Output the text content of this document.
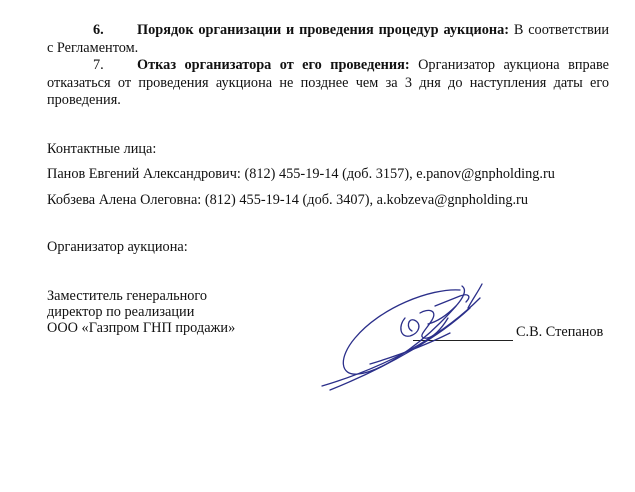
6. Порядок организации и проведения процедур аукциона: В соответствии с Регламентом.
7. Отказ организатора от его проведения: Организатор аукциона вправе отказаться от проведения аукциона не позднее чем за 3 дня до наступления даты его проведения.
Контактные лица:
Панов Евгений Александрович: (812) 455-19-14 (доб. 3157), e.panov@gnpholding.ru
Кобзева Алена Олеговна: (812) 455-19-14 (доб. 3407), a.kobzeva@gnpholding.ru
Организатор аукциона:
Заместитель генерального
директор по реализации
ООО «Газпром ГНП продажи»	С.В. Степанов
